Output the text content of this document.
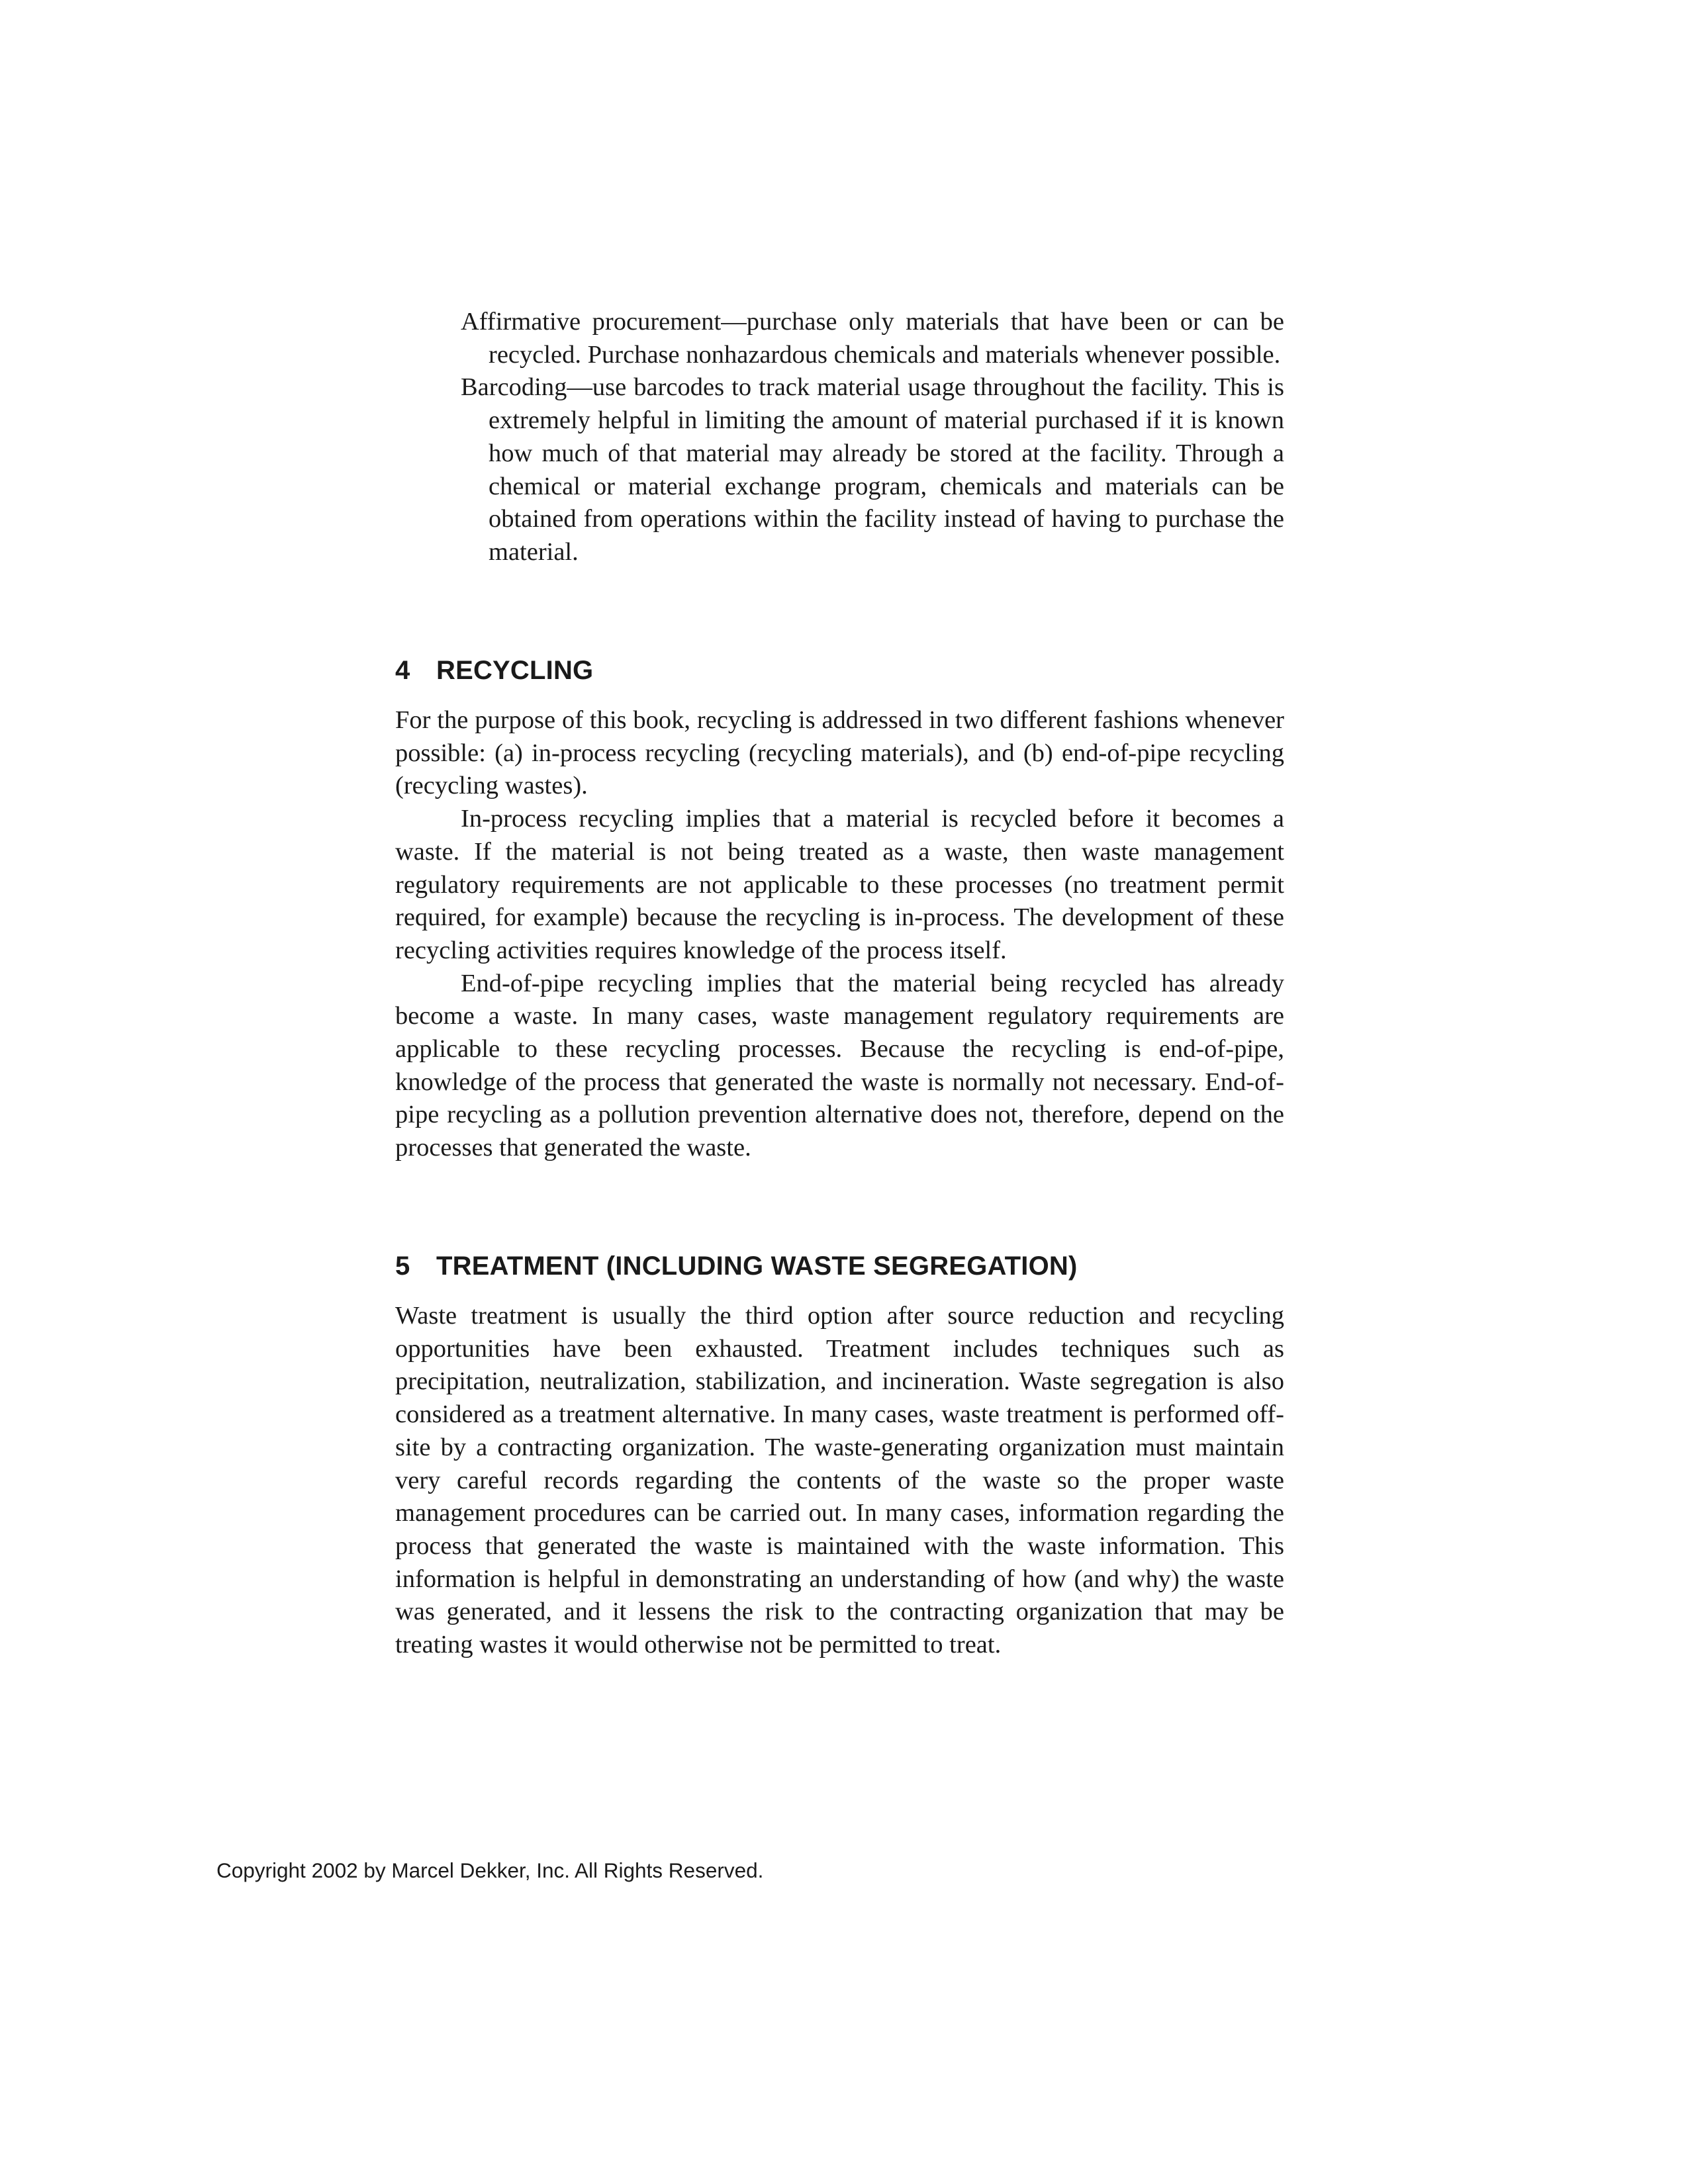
Affirmative procurement—purchase only materials that have been or can be recycled. Purchase nonhazardous chemicals and materials whenever possible.

Barcoding—use barcodes to track material usage throughout the facility. This is extremely helpful in limiting the amount of material purchased if it is known how much of that material may already be stored at the facility. Through a chemical or material exchange program, chemicals and materials can be obtained from operations within the facility instead of having to purchase the material.

4 RECYCLING

For the purpose of this book, recycling is addressed in two different fashions whenever possible: (a) in-process recycling (recycling materials), and (b) end-of-pipe recycling (recycling wastes).

In-process recycling implies that a material is recycled before it becomes a waste. If the material is not being treated as a waste, then waste management regulatory requirements are not applicable to these processes (no treatment permit required, for example) because the recycling is in-process. The development of these recycling activities requires knowledge of the process itself.

End-of-pipe recycling implies that the material being recycled has already become a waste. In many cases, waste management regulatory requirements are applicable to these recycling processes. Because the recycling is end-of-pipe, knowledge of the process that generated the waste is normally not necessary. End-of-pipe recycling as a pollution prevention alternative does not, therefore, depend on the processes that generated the waste.

5 TREATMENT (INCLUDING WASTE SEGREGATION)

Waste treatment is usually the third option after source reduction and recycling opportunities have been exhausted. Treatment includes techniques such as precipitation, neutralization, stabilization, and incineration. Waste segregation is also considered as a treatment alternative. In many cases, waste treatment is performed off-site by a contracting organization. The waste-generating organization must maintain very careful records regarding the contents of the waste so the proper waste management procedures can be carried out. In many cases, information regarding the process that generated the waste is maintained with the waste information. This information is helpful in demonstrating an understanding of how (and why) the waste was generated, and it lessens the risk to the contracting organization that may be treating wastes it would otherwise not be permitted to treat.

Copyright 2002 by Marcel Dekker, Inc. All Rights Reserved.
